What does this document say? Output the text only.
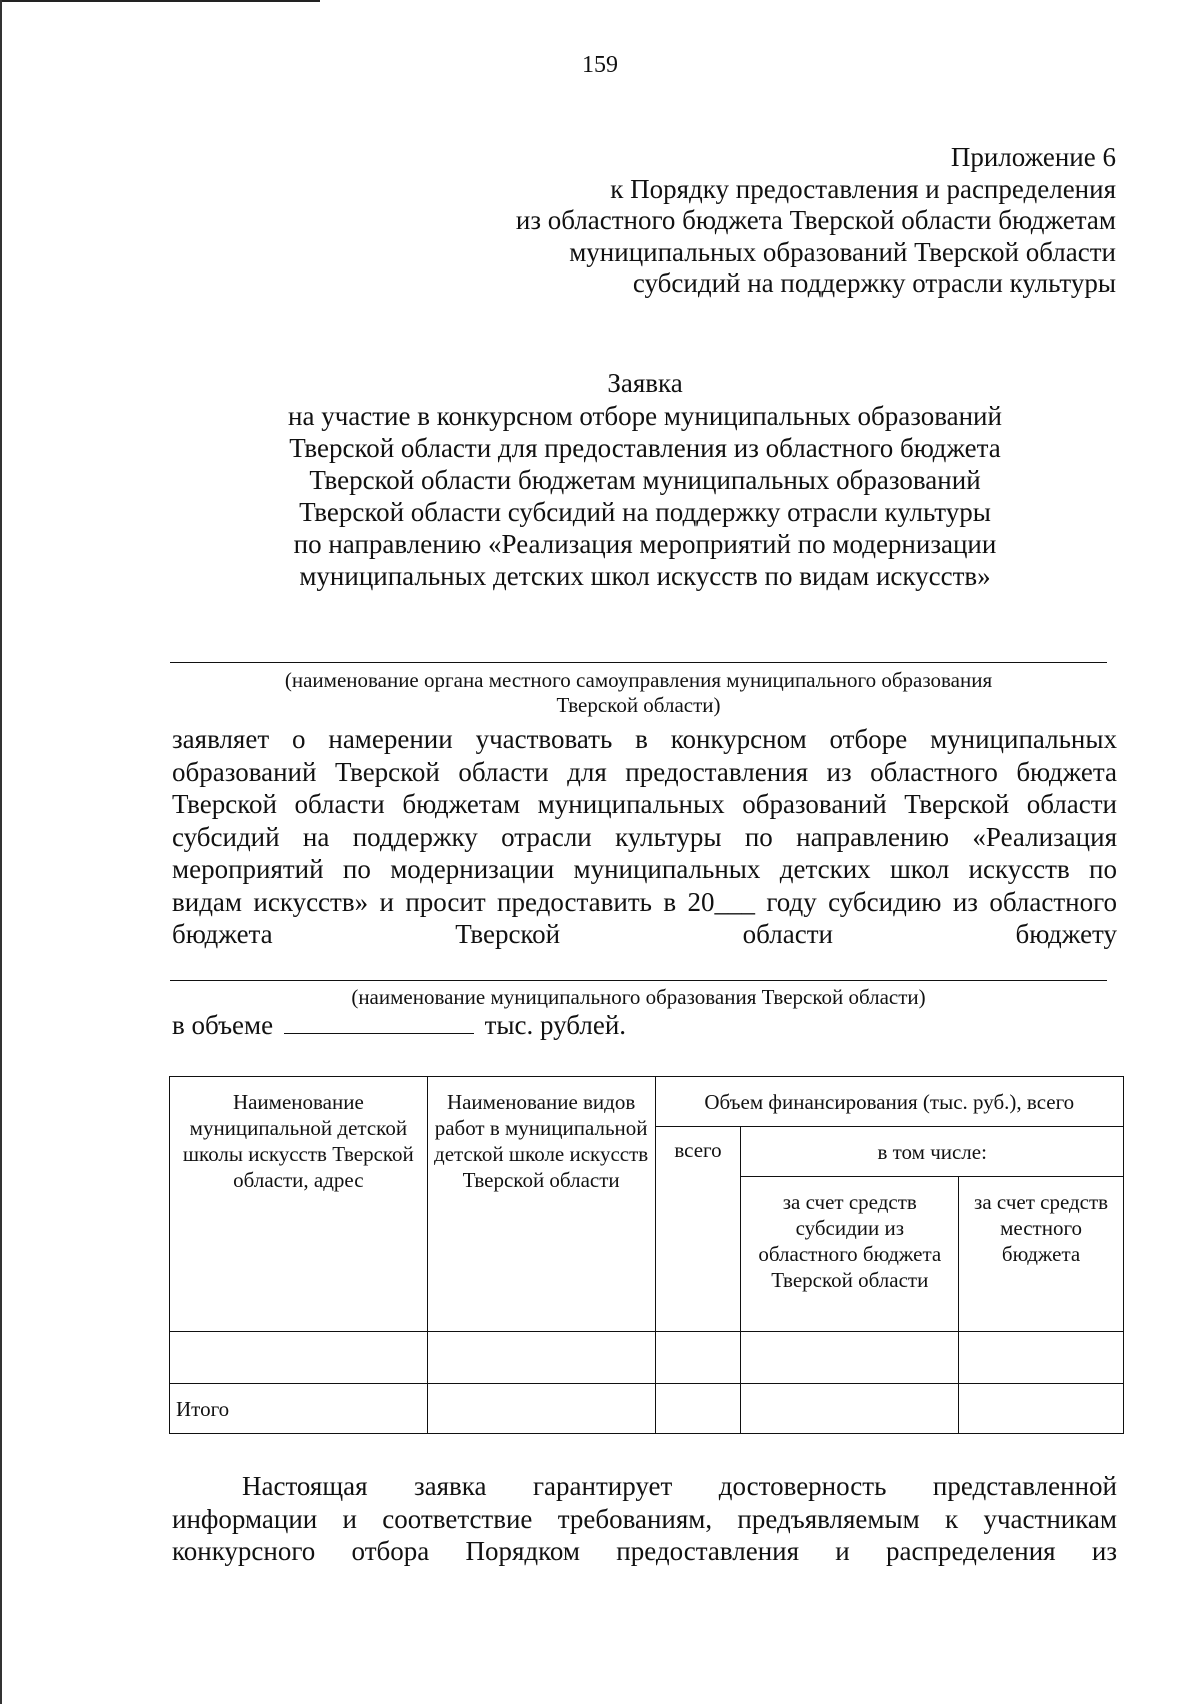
159
Приложение 6
к Порядку предоставления и распределения
из областного бюджета Тверской области бюджетам
муниципальных образований Тверской области
субсидий на поддержку отрасли культуры
Заявка
на участие в конкурсном отборе муниципальных образований
Тверской области для предоставления из областного бюджета
Тверской области бюджетам муниципальных образований
Тверской области субсидий на поддержку отрасли культуры
по направлению «Реализация мероприятий по модернизации
муниципальных детских школ искусств по видам искусств»
(наименование органа местного самоуправления муниципального образования
Тверской области)
заявляет о намерении участвовать в конкурсном отборе муниципальных
образований Тверской области для предоставления из областного бюджета
Тверской области бюджетам муниципальных образований Тверской области
субсидий на поддержку отрасли культуры по направлению «Реализация
мероприятий по модернизации муниципальных детских школ искусств по
видам искусств» и просит предоставить в 20___ году субсидию из областного
бюджета Тверской области бюджету
(наименование муниципального образования Тверской области)
в объеме	тыс. рублей.
Наименование муниципальной детской школы искусств Тверской области, адрес	Наименование видов работ в муниципальной детской школе искусств Тверской области	Объем финансирования (тыс. руб.), всего		
		всего	в том числе:	
			за счет средств субсидии из областного бюджета Тверской области	за счет средств местного бюджета

Итого				
Настоящая заявка гарантирует достоверность представленной
информации и соответствие требованиям, предъявляемым к участникам
конкурсного отбора Порядком предоставления и распределения из
